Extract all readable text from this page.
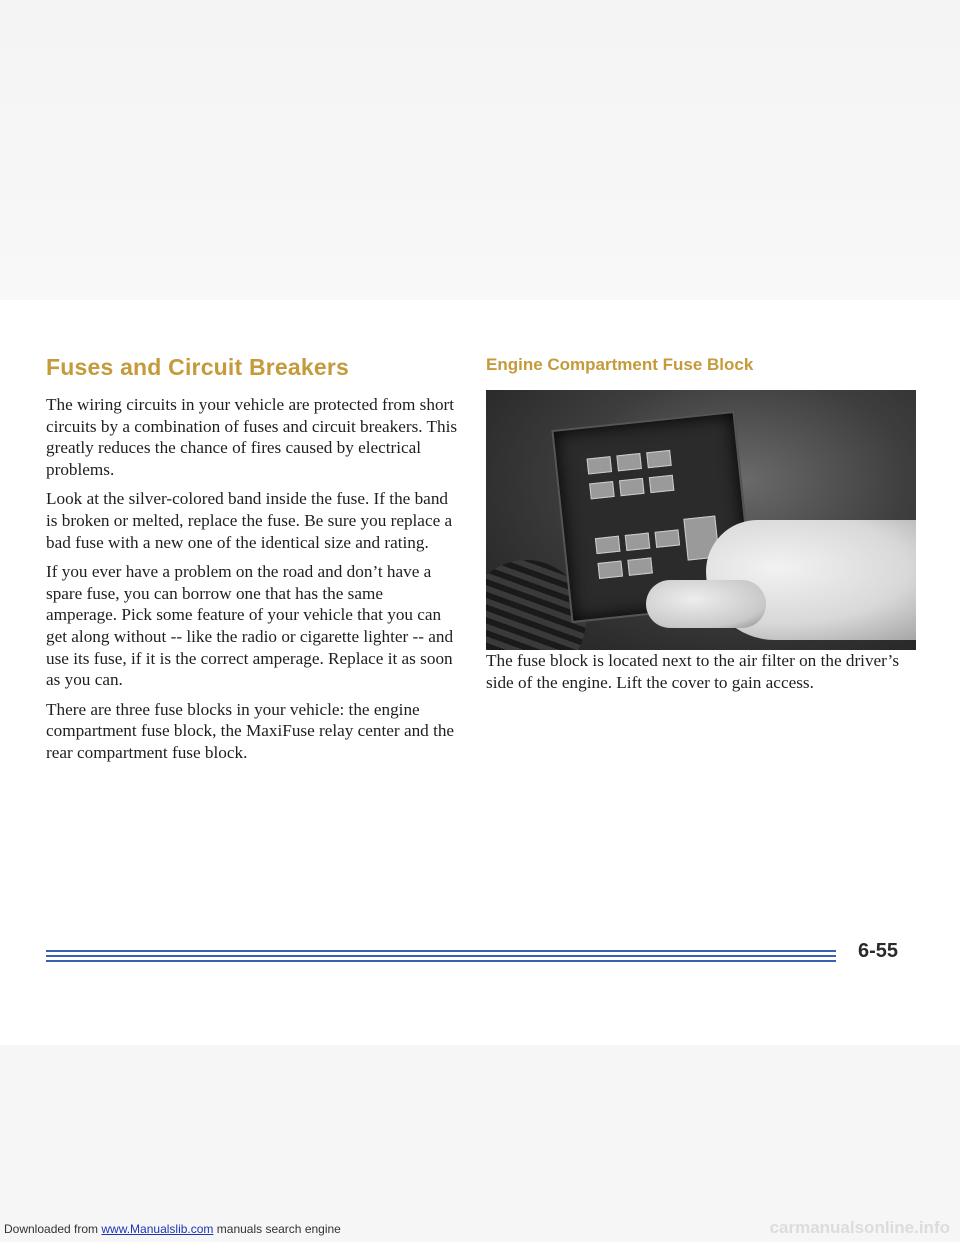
Fuses and Circuit Breakers

The wiring circuits in your vehicle are protected from short circuits by a combination of fuses and circuit breakers. This greatly reduces the chance of fires caused by electrical problems.

Look at the silver-colored band inside the fuse. If the band is broken or melted, replace the fuse. Be sure you replace a bad fuse with a new one of the identical size and rating.

If you ever have a problem on the road and don’t have a spare fuse, you can borrow one that has the same amperage. Pick some feature of your vehicle that you can get along without -- like the radio or cigarette lighter -- and use its fuse, if it is the correct amperage. Replace it as soon as you can.

There are three fuse blocks in your vehicle: the engine compartment fuse block, the MaxiFuse relay center and the rear compartment fuse block.

Engine Compartment Fuse Block

The fuse block is located next to the air filter on the driver’s side of the engine. Lift the cover to gain access.

6-55
Downloaded from www.Manualslib.com manuals search engine	carmanualsonline.info
